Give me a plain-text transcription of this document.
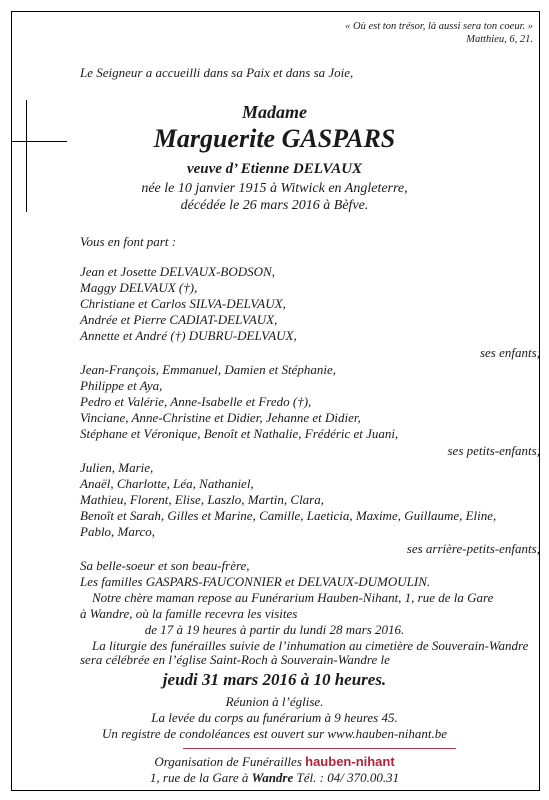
« Où est ton trésor, là aussi sera ton coeur. »
Matthieu, 6, 21.
Le Seigneur a accueilli dans sa Paix et dans sa Joie,
Madame
Marguerite GASPARS
veuve d’ Etienne DELVAUX
née le 10 janvier 1915 à Witwick en Angleterre,
décédée le 26 mars 2016 à Bèfve.
Vous en font part :
Jean et Josette DELVAUX-BODSON,
Maggy DELVAUX (†),
Christiane et Carlos SILVA-DELVAUX,
Andrée et Pierre CADIAT-DELVAUX,
Annette et André (†) DUBRU-DELVAUX,
ses enfants;
Jean-François, Emmanuel, Damien et Stéphanie,
Philippe et Aya,
Pedro et Valérie, Anne-Isabelle et Fredo (†),
Vinciane, Anne-Christine et Didier, Jehanne et Didier,
Stéphane et Véronique, Benoît et Nathalie, Frédéric et Juani,
ses petits-enfants;
Julien, Marie,
Anaël, Charlotte, Léa, Nathaniel,
Mathieu, Florent, Elise, Laszlo, Martin, Clara,
Benoît et Sarah, Gilles et Marine, Camille, Laeticia, Maxime, Guillaume, Eline,
Pablo, Marco,
ses arrière-petits-enfants;
Sa belle-soeur et son beau-frère,
Les familles GASPARS-FAUCONNIER et DELVAUX-DUMOULIN.
Notre chère maman repose au Funérarium Hauben-Nihant, 1, rue de la Gare
à Wandre, où la famille recevra les visites
de 17 à 19 heures à partir du lundi 28 mars 2016.
La liturgie des funérailles suivie de l’inhumation au cimetière de Souverain-Wandre
sera célébrée en l’église Saint-Roch à Souverain-Wandre le
jeudi 31 mars 2016 à 10 heures.
Réunion à l’église.
La levée du corps au funérarium à 9 heures 45.
Un registre de condoléances est ouvert sur www.hauben-nihant.be
Organisation de Funérailles hauben-nihant
1, rue de la Gare à Wandre Tél. : 04/ 370.00.31
